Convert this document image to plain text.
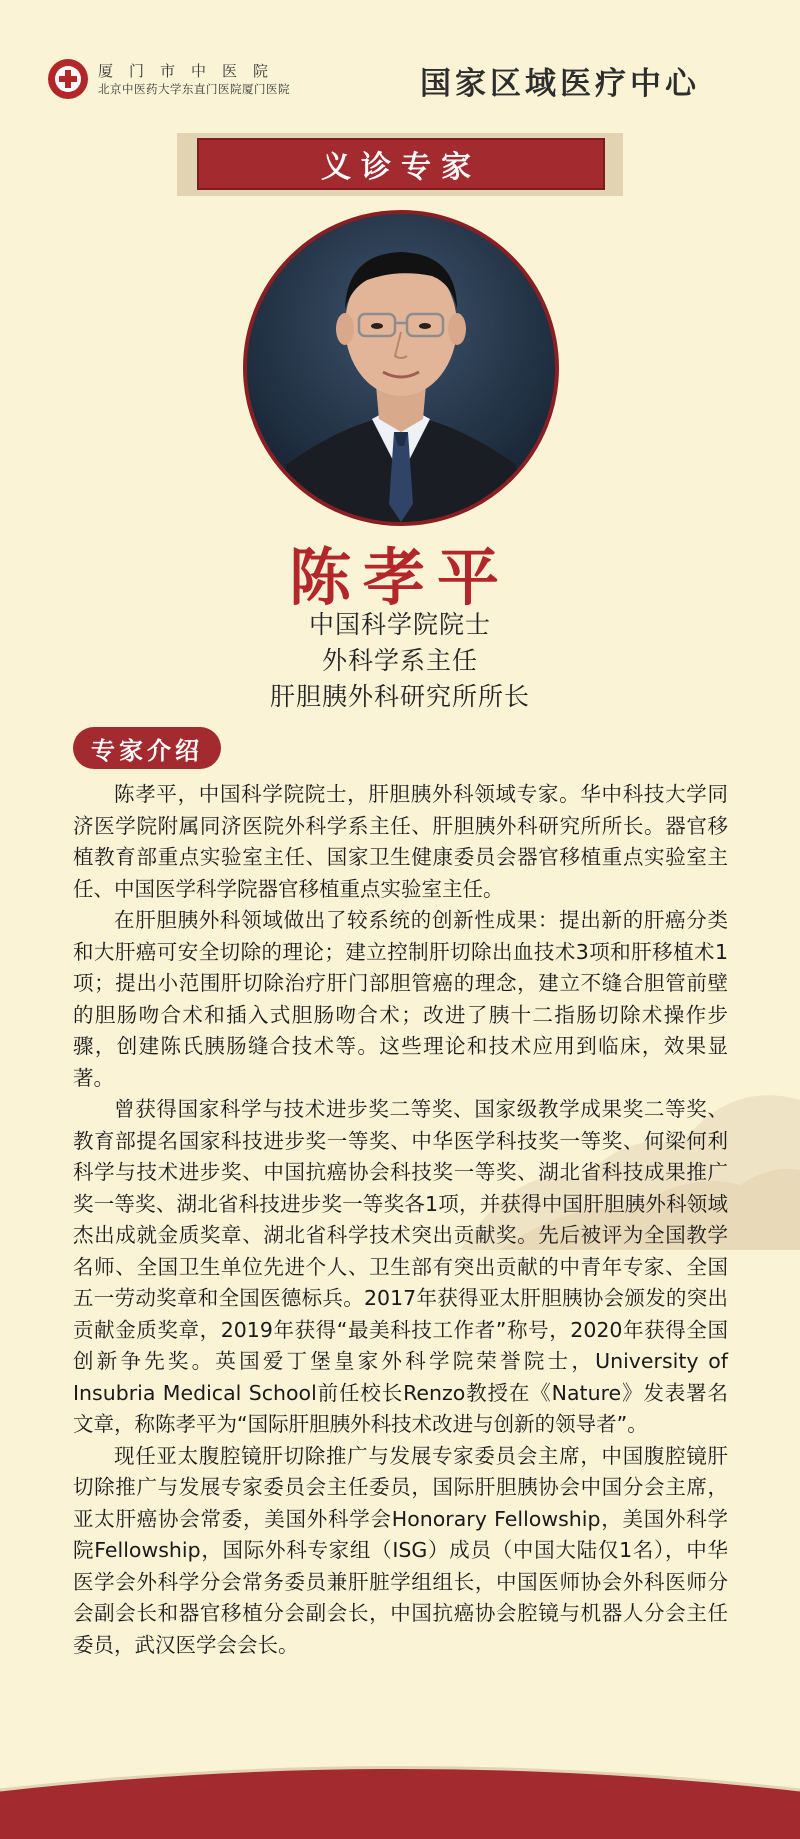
厦门市中医院
北京中医药大学东直门医院厦门医院	国家区域医疗中心
义诊专家
陈孝平
中国科学院院士
外科学系主任
肝胆胰外科研究所所长
专家介绍

陈孝平，中国科学院院士，肝胆胰外科领域专家。华中科技大学同济医学院附属同济医院外科学系主任、肝胆胰外科研究所所长。器官移植教育部重点实验室主任、国家卫生健康委员会器官移植重点实验室主任、中国医学科学院器官移植重点实验室主任。

在肝胆胰外科领域做出了较系统的创新性成果：提出新的肝癌分类和大肝癌可安全切除的理论；建立控制肝切除出血技术3项和肝移植术1项；提出小范围肝切除治疗肝门部胆管癌的理念，建立不缝合胆管前壁的胆肠吻合术和插入式胆肠吻合术；改进了胰十二指肠切除术操作步骤，创建陈氏胰肠缝合技术等。这些理论和技术应用到临床，效果显著。

曾获得国家科学与技术进步奖二等奖、国家级教学成果奖二等奖、教育部提名国家科技进步奖一等奖、中华医学科技奖一等奖、何梁何利科学与技术进步奖、中国抗癌协会科技奖一等奖、湖北省科技成果推广奖一等奖、湖北省科技进步奖一等奖各1项，并获得中国肝胆胰外科领域杰出成就金质奖章、湖北省科学技术突出贡献奖。先后被评为全国教学名师、全国卫生单位先进个人、卫生部有突出贡献的中青年专家、全国五一劳动奖章和全国医德标兵。2017年获得亚太肝胆胰协会颁发的突出贡献金质奖章，2019年获得“最美科技工作者”称号，2020年获得全国创新争先奖。英国爱丁堡皇家外科学院荣誉院士，University of Insubria Medical School前任校长Renzo教授在《Nature》发表署名文章，称陈孝平为“国际肝胆胰外科技术改进与创新的领导者”。

现任亚太腹腔镜肝切除推广与发展专家委员会主席，中国腹腔镜肝切除推广与发展专家委员会主任委员，国际肝胆胰协会中国分会主席，亚太肝癌协会常委，美国外科学会Honorary Fellowship，美国外科学院Fellowship，国际外科专家组（ISG）成员（中国大陆仅1名），中华医学会外科学分会常务委员兼肝脏学组组长，中国医师协会外科医师分会副会长和器官移植分会副会长，中国抗癌协会腔镜与机器人分会主任委员，武汉医学会会长。
